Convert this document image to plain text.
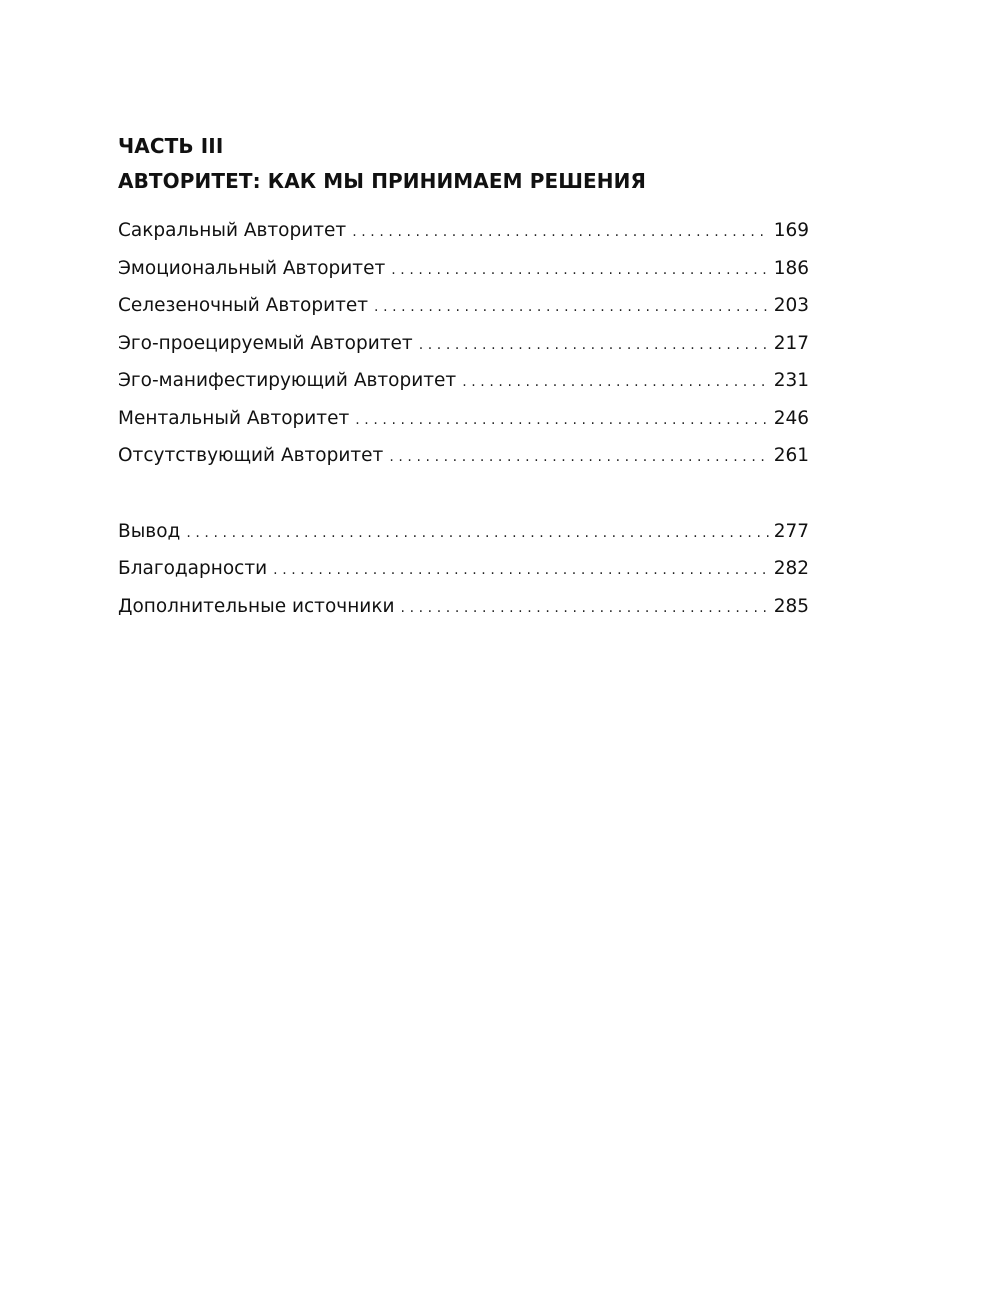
ЧАСТЬ III
АВТОРИТЕТ: КАК МЫ ПРИНИМАЕМ РЕШЕНИЯ
Сакральный Авторитет .....	169
Эмоциональный Авторитет .....	186
Селезеночный Авторитет .....	203
Эго-проецируемый Авторитет .....	217
Эго-манифестирующий Авторитет .....	231
Ментальный Авторитет .....	246
Отсутствующий Авторитет .....	261
Вывод .....	277
Благодарности .....	282
Дополнительные источники .....	285
